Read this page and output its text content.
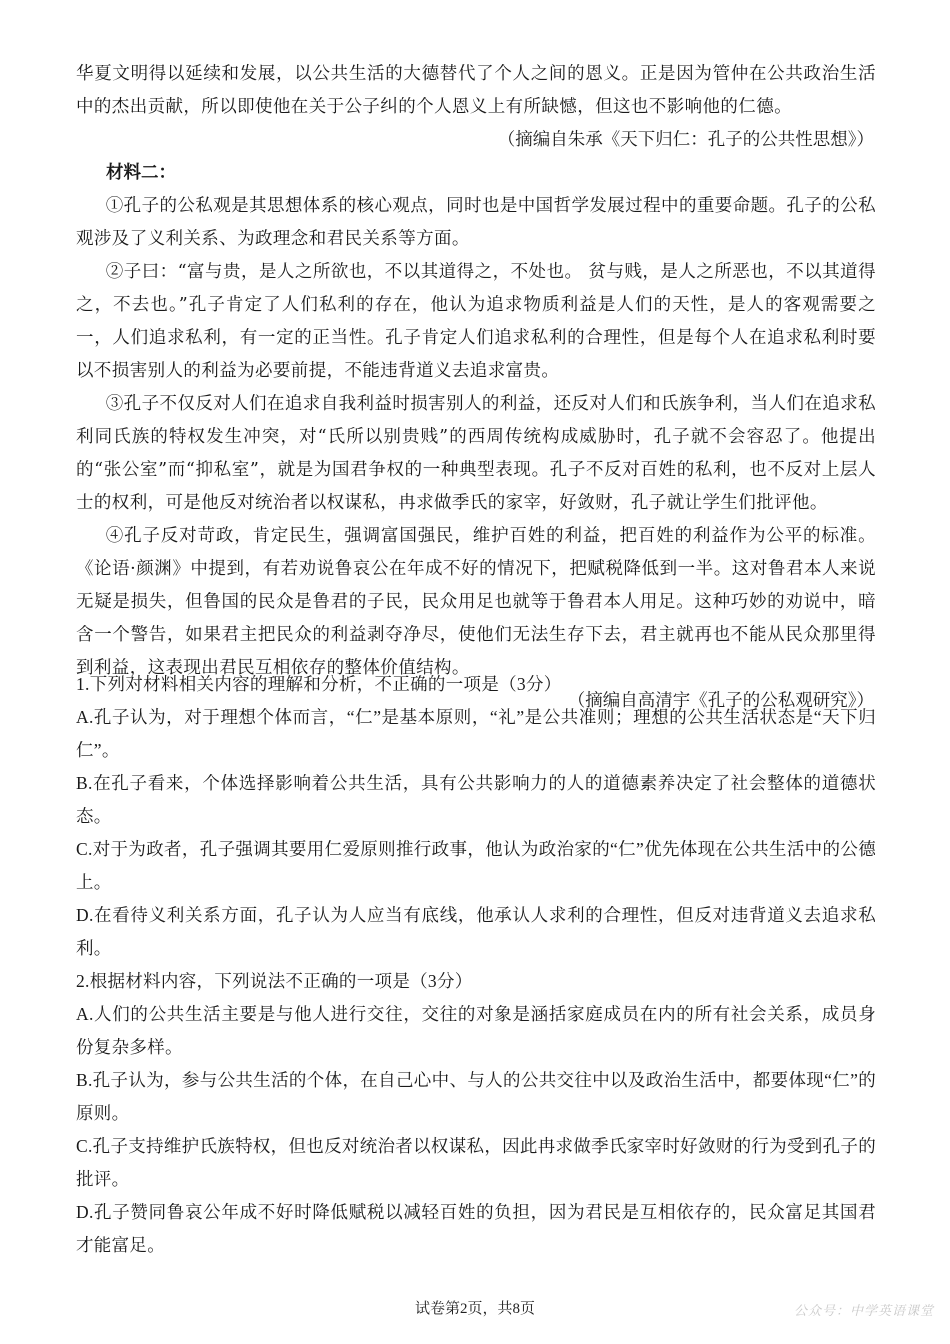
华夏文明得以延续和发展，以公共生活的大德替代了个人之间的恩义。正是因为管仲在公共政治生活中的杰出贡献，所以即使他在关于公子纠的个人恩义上有所缺憾，但这也不影响他的仁德。

（摘编自朱承《天下归仁：孔子的公共性思想》）

材料二：

①孔子的公私观是其思想体系的核心观点，同时也是中国哲学发展过程中的重要命题。孔子的公私观涉及了义利关系、为政理念和君民关系等方面。

②子曰：“富与贵，是人之所欲也，不以其道得之，不处也。 贫与贱，是人之所恶也，不以其道得之，不去也。”孔子肯定了人们私利的存在，他认为追求物质利益是人们的天性，是人的客观需要之一，人们追求私利，有一定的正当性。孔子肯定人们追求私利的合理性，但是每个人在追求私利时要以不损害别人的利益为必要前提，不能违背道义去追求富贵。

③孔子不仅反对人们在追求自我利益时损害别人的利益，还反对人们和氏族争利，当人们在追求私利同氏族的特权发生冲突，对“氏所以别贵贱”的西周传统构成威胁时，孔子就不会容忍了。他提出的“张公室”而“抑私室”，就是为国君争权的一种典型表现。孔子不反对百姓的私利，也不反对上层人士的权利，可是他反对统治者以权谋私，冉求做季氏的家宰，好敛财，孔子就让学生们批评他。

④孔子反对苛政，肯定民生，强调富国强民，维护百姓的利益，把百姓的利益作为公平的标准。《论语·颜渊》中提到，有若劝说鲁哀公在年成不好的情况下，把赋税降低到一半。这对鲁君本人来说无疑是损失，但鲁国的民众是鲁君的子民，民众用足也就等于鲁君本人用足。这种巧妙的劝说中，暗含一个警告，如果君主把民众的利益剥夺净尽，使他们无法生存下去，君主就再也不能从民众那里得到利益，这表现出君民互相依存的整体价值结构。

（摘编自高清宇《孔子的公私观研究》）

1.下列对材料相关内容的理解和分析，不正确的一项是（3分）

A.孔子认为，对于理想个体而言，“仁”是基本原则，“礼”是公共准则；理想的公共生活状态是“天下归仁”。

B.在孔子看来，个体选择影响着公共生活，具有公共影响力的人的道德素养决定了社会整体的道德状态。

C.对于为政者，孔子强调其要用仁爱原则推行政事，他认为政治家的“仁”优先体现在公共生活中的公德上。

D.在看待义利关系方面，孔子认为人应当有底线，他承认人求利的合理性，但反对违背道义去追求私利。

2.根据材料内容，下列说法不正确的一项是（3分）

A.人们的公共生活主要是与他人进行交往，交往的对象是涵括家庭成员在内的所有社会关系，成员身份复杂多样。

B.孔子认为，参与公共生活的个体，在自己心中、与人的公共交往中以及政治生活中，都要体现“仁”的原则。

C.孔子支持维护氏族特权，但也反对统治者以权谋私，因此冉求做季氏家宰时好敛财的行为受到孔子的批评。

D.孔子赞同鲁哀公年成不好时降低赋税以减轻百姓的负担，因为君民是互相依存的，民众富足其国君才能富足。

试卷第2页，共8页	公众号：中学英语课堂
